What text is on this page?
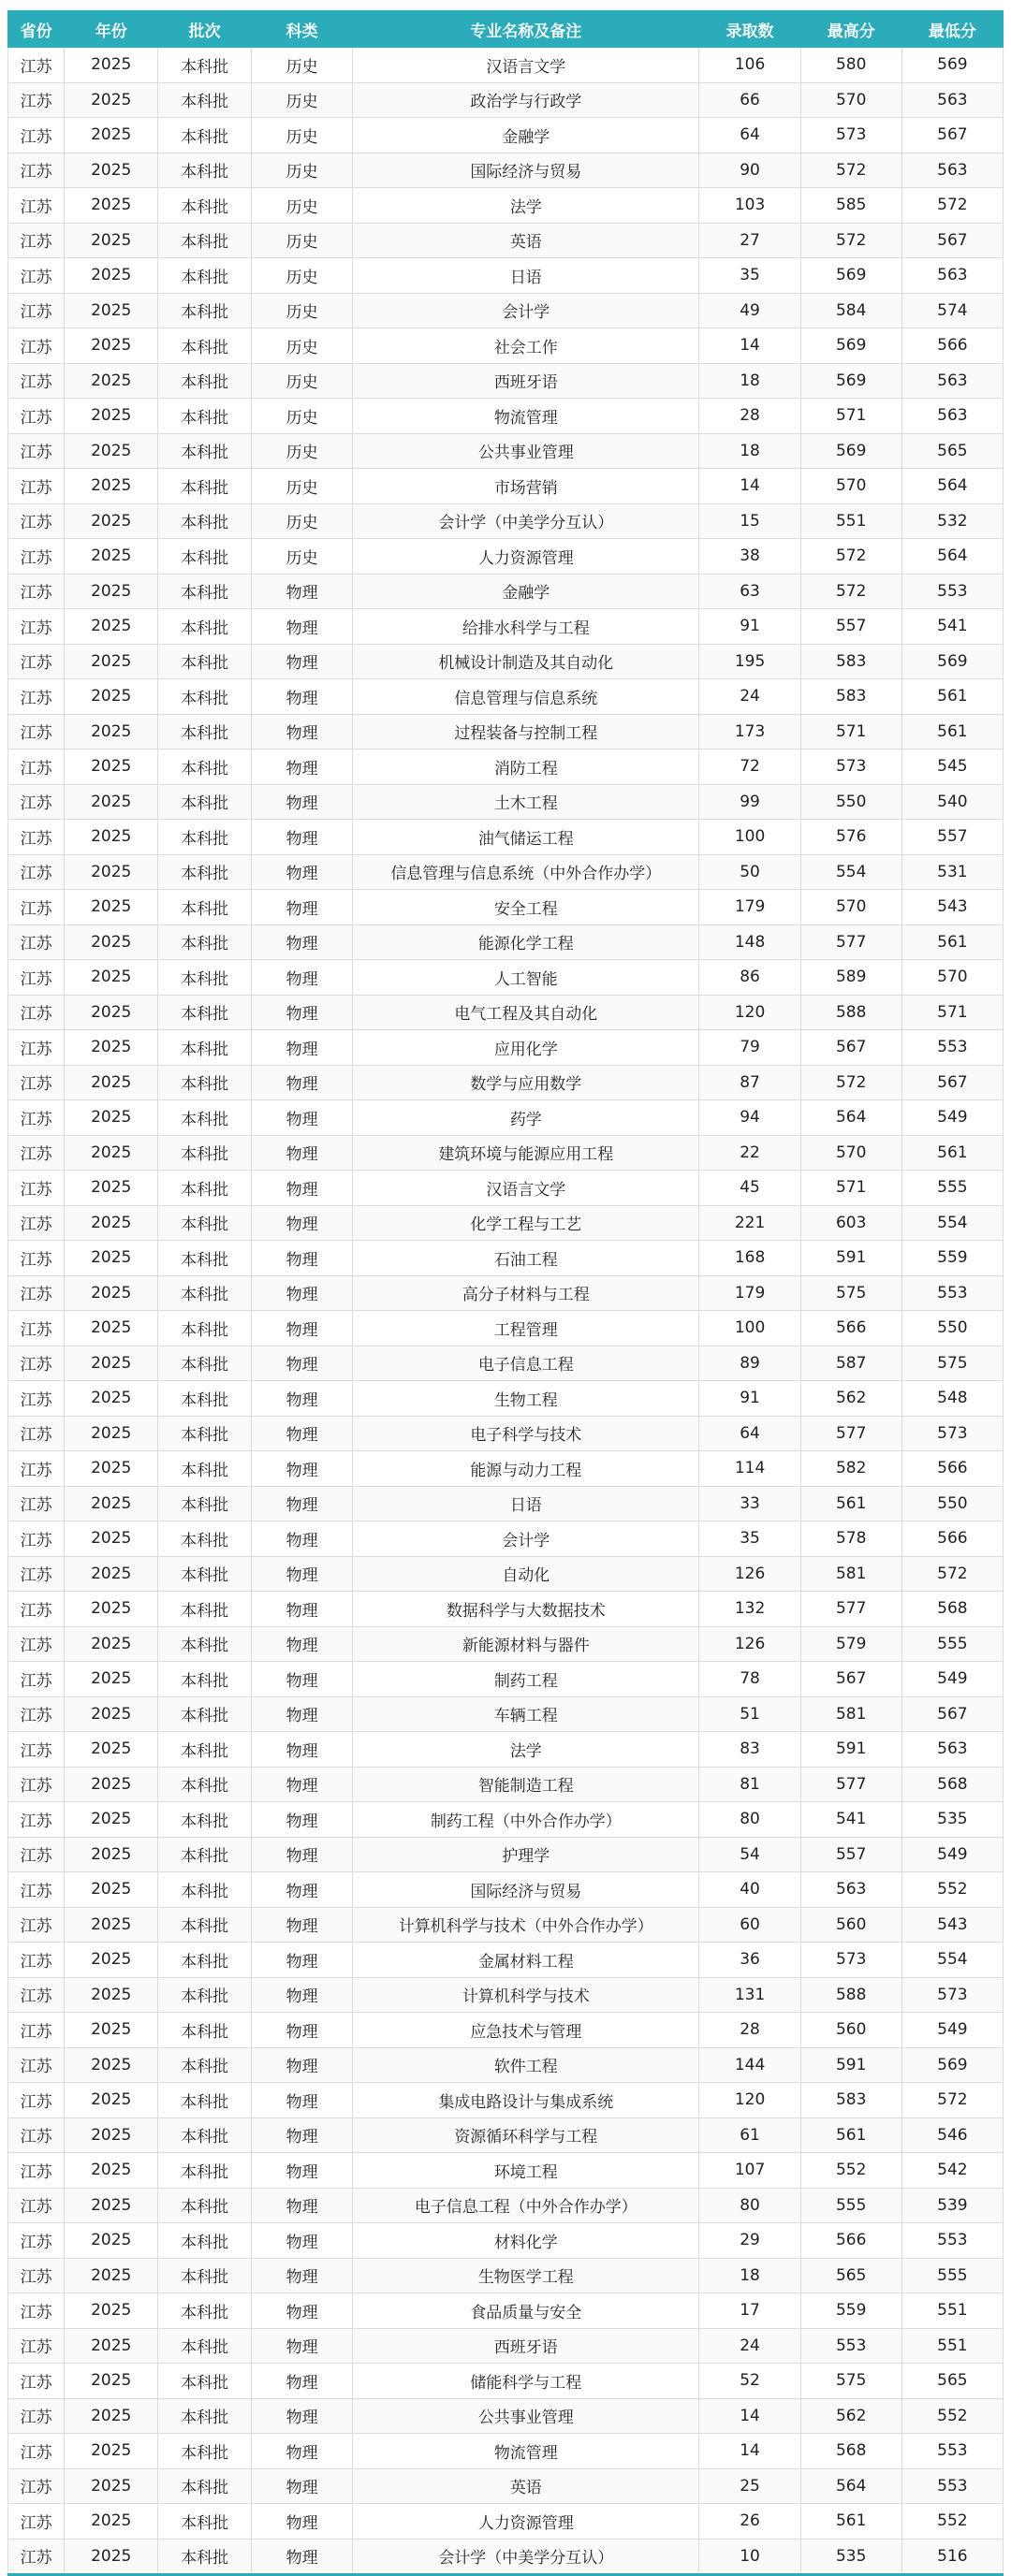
省份	年份	批次	科类	专业名称及备注	录取数	最高分	最低分
江苏	2025	本科批	历史	汉语言文学	106	580	569
江苏	2025	本科批	历史	政治学与行政学	66	570	563
江苏	2025	本科批	历史	金融学	64	573	567
江苏	2025	本科批	历史	国际经济与贸易	90	572	563
江苏	2025	本科批	历史	法学	103	585	572
江苏	2025	本科批	历史	英语	27	572	567
江苏	2025	本科批	历史	日语	35	569	563
江苏	2025	本科批	历史	会计学	49	584	574
江苏	2025	本科批	历史	社会工作	14	569	566
江苏	2025	本科批	历史	西班牙语	18	569	563
江苏	2025	本科批	历史	物流管理	28	571	563
江苏	2025	本科批	历史	公共事业管理	18	569	565
江苏	2025	本科批	历史	市场营销	14	570	564
江苏	2025	本科批	历史	会计学（中美学分互认）	15	551	532
江苏	2025	本科批	历史	人力资源管理	38	572	564
江苏	2025	本科批	物理	金融学	63	572	553
江苏	2025	本科批	物理	给排水科学与工程	91	557	541
江苏	2025	本科批	物理	机械设计制造及其自动化	195	583	569
江苏	2025	本科批	物理	信息管理与信息系统	24	583	561
江苏	2025	本科批	物理	过程装备与控制工程	173	571	561
江苏	2025	本科批	物理	消防工程	72	573	545
江苏	2025	本科批	物理	土木工程	99	550	540
江苏	2025	本科批	物理	油气储运工程	100	576	557
江苏	2025	本科批	物理	信息管理与信息系统（中外合作办学）	50	554	531
江苏	2025	本科批	物理	安全工程	179	570	543
江苏	2025	本科批	物理	能源化学工程	148	577	561
江苏	2025	本科批	物理	人工智能	86	589	570
江苏	2025	本科批	物理	电气工程及其自动化	120	588	571
江苏	2025	本科批	物理	应用化学	79	567	553
江苏	2025	本科批	物理	数学与应用数学	87	572	567
江苏	2025	本科批	物理	药学	94	564	549
江苏	2025	本科批	物理	建筑环境与能源应用工程	22	570	561
江苏	2025	本科批	物理	汉语言文学	45	571	555
江苏	2025	本科批	物理	化学工程与工艺	221	603	554
江苏	2025	本科批	物理	石油工程	168	591	559
江苏	2025	本科批	物理	高分子材料与工程	179	575	553
江苏	2025	本科批	物理	工程管理	100	566	550
江苏	2025	本科批	物理	电子信息工程	89	587	575
江苏	2025	本科批	物理	生物工程	91	562	548
江苏	2025	本科批	物理	电子科学与技术	64	577	573
江苏	2025	本科批	物理	能源与动力工程	114	582	566
江苏	2025	本科批	物理	日语	33	561	550
江苏	2025	本科批	物理	会计学	35	578	566
江苏	2025	本科批	物理	自动化	126	581	572
江苏	2025	本科批	物理	数据科学与大数据技术	132	577	568
江苏	2025	本科批	物理	新能源材料与器件	126	579	555
江苏	2025	本科批	物理	制药工程	78	567	549
江苏	2025	本科批	物理	车辆工程	51	581	567
江苏	2025	本科批	物理	法学	83	591	563
江苏	2025	本科批	物理	智能制造工程	81	577	568
江苏	2025	本科批	物理	制药工程（中外合作办学）	80	541	535
江苏	2025	本科批	物理	护理学	54	557	549
江苏	2025	本科批	物理	国际经济与贸易	40	563	552
江苏	2025	本科批	物理	计算机科学与技术（中外合作办学）	60	560	543
江苏	2025	本科批	物理	金属材料工程	36	573	554
江苏	2025	本科批	物理	计算机科学与技术	131	588	573
江苏	2025	本科批	物理	应急技术与管理	28	560	549
江苏	2025	本科批	物理	软件工程	144	591	569
江苏	2025	本科批	物理	集成电路设计与集成系统	120	583	572
江苏	2025	本科批	物理	资源循环科学与工程	61	561	546
江苏	2025	本科批	物理	环境工程	107	552	542
江苏	2025	本科批	物理	电子信息工程（中外合作办学）	80	555	539
江苏	2025	本科批	物理	材料化学	29	566	553
江苏	2025	本科批	物理	生物医学工程	18	565	555
江苏	2025	本科批	物理	食品质量与安全	17	559	551
江苏	2025	本科批	物理	西班牙语	24	553	551
江苏	2025	本科批	物理	储能科学与工程	52	575	565
江苏	2025	本科批	物理	公共事业管理	14	562	552
江苏	2025	本科批	物理	物流管理	14	568	553
江苏	2025	本科批	物理	英语	25	564	553
江苏	2025	本科批	物理	人力资源管理	26	561	552
江苏	2025	本科批	物理	会计学（中美学分互认）	10	535	516
